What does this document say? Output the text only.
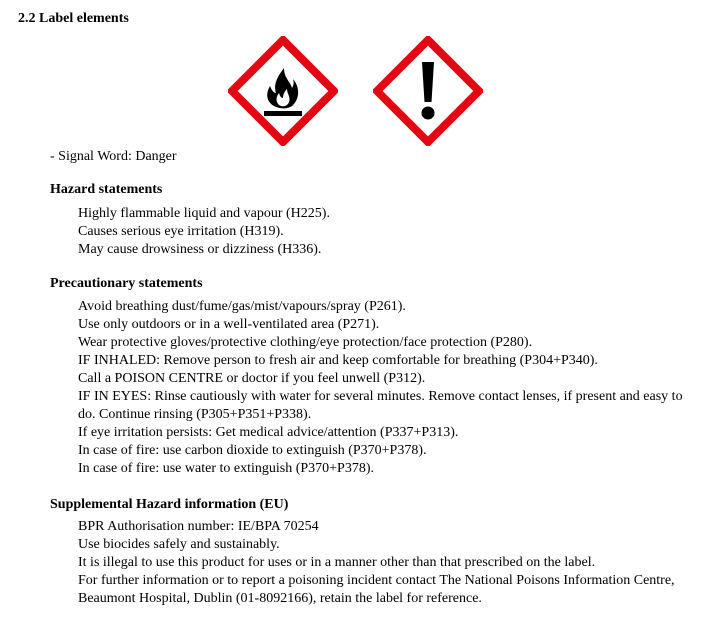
2.2 Label elements
- Signal Word: Danger
Hazard statements
Highly flammable liquid and vapour (H225).
Causes serious eye irritation (H319).
May cause drowsiness or dizziness (H336).
Precautionary statements
Avoid breathing dust/fume/gas/mist/vapours/spray (P261).
Use only outdoors or in a well-ventilated area (P271).
Wear protective gloves/protective clothing/eye protection/face protection (P280).
IF INHALED: Remove person to fresh air and keep comfortable for breathing (P304+P340).
Call a POISON CENTRE or doctor if you feel unwell (P312).
IF IN EYES: Rinse cautiously with water for several minutes. Remove contact lenses, if present and easy to do. Continue rinsing (P305+P351+P338).
If eye irritation persists: Get medical advice/attention (P337+P313).
In case of fire: use carbon dioxide to extinguish (P370+P378).
In case of fire: use water to extinguish (P370+P378).
Supplemental Hazard information (EU)
BPR Authorisation number: IE/BPA 70254
Use biocides safely and sustainably.
It is illegal to use this product for uses or in a manner other than that prescribed on the label.
For further information or to report a poisoning incident contact The National Poisons Information Centre, Beaumont Hospital, Dublin (01-8092166), retain the label for reference.
